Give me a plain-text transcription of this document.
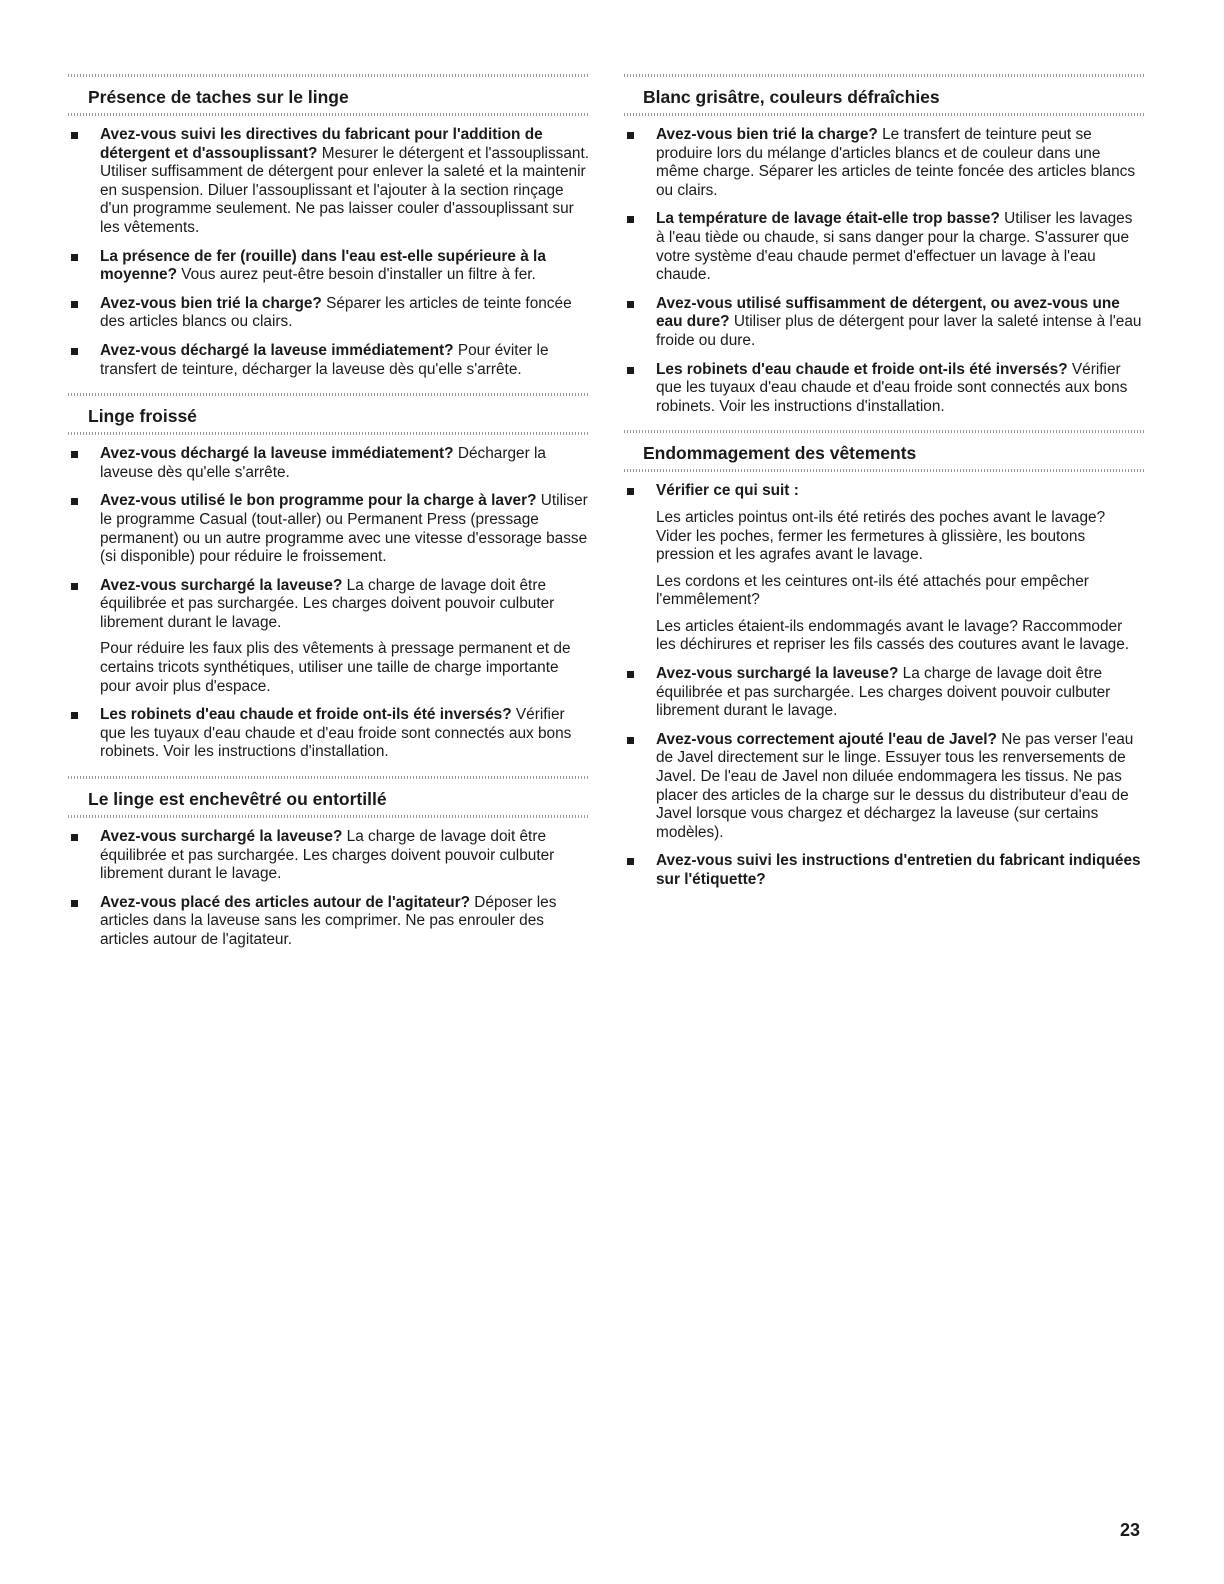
Présence de taches sur le linge
Avez-vous suivi les directives du fabricant pour l'addition de détergent et d'assouplissant? Mesurer le détergent et l'assouplissant. Utiliser suffisamment de détergent pour enlever la saleté et la maintenir en suspension. Diluer l'assouplissant et l'ajouter à la section rinçage d'un programme seulement. Ne pas laisser couler d'assouplissant sur les vêtements.
La présence de fer (rouille) dans l'eau est-elle supérieure à la moyenne? Vous aurez peut-être besoin d'installer un filtre à fer.
Avez-vous bien trié la charge? Séparer les articles de teinte foncée des articles blancs ou clairs.
Avez-vous déchargé la laveuse immédiatement? Pour éviter le transfert de teinture, décharger la laveuse dès qu'elle s'arrête.
Linge froissé
Avez-vous déchargé la laveuse immédiatement? Décharger la laveuse dès qu'elle s'arrête.
Avez-vous utilisé le bon programme pour la charge à laver? Utiliser le programme Casual (tout-aller) ou Permanent Press (pressage permanent) ou un autre programme avec une vitesse d'essorage basse (si disponible) pour réduire le froissement.
Avez-vous surchargé la laveuse? La charge de lavage doit être équilibrée et pas surchargée. Les charges doivent pouvoir culbuter librement durant le lavage.

Pour réduire les faux plis des vêtements à pressage permanent et de certains tricots synthétiques, utiliser une taille de charge importante pour avoir plus d'espace.

Les robinets d'eau chaude et froide ont-ils été inversés? Vérifier que les tuyaux d'eau chaude et d'eau froide sont connectés aux bons robinets. Voir les instructions d'installation.
Le linge est enchevêtré ou entortillé
Avez-vous surchargé la laveuse? La charge de lavage doit être équilibrée et pas surchargée. Les charges doivent pouvoir culbuter librement durant le lavage.
Avez-vous placé des articles autour de l'agitateur? Déposer les articles dans la laveuse sans les comprimer. Ne pas enrouler des articles autour de l'agitateur.
Blanc grisâtre, couleurs défraîchies
Avez-vous bien trié la charge? Le transfert de teinture peut se produire lors du mélange d'articles blancs et de couleur dans une même charge. Séparer les articles de teinte foncée des articles blancs ou clairs.
La température de lavage était-elle trop basse? Utiliser les lavages à l'eau tiède ou chaude, si sans danger pour la charge. S'assurer que votre système d'eau chaude permet d'effectuer un lavage à l'eau chaude.
Avez-vous utilisé suffisamment de détergent, ou avez-vous une eau dure? Utiliser plus de détergent pour laver la saleté intense à l'eau froide ou dure.
Les robinets d'eau chaude et froide ont-ils été inversés? Vérifier que les tuyaux d'eau chaude et d'eau froide sont connectés aux bons robinets. Voir les instructions d'installation.
Endommagement des vêtements
Vérifier ce qui suit :

Les articles pointus ont-ils été retirés des poches avant le lavage? Vider les poches, fermer les fermetures à glissière, les boutons pression et les agrafes avant le lavage.

Les cordons et les ceintures ont-ils été attachés pour empêcher l'emmêlement?

Les articles étaient-ils endommagés avant le lavage? Raccommoder les déchirures et repriser les fils cassés des coutures avant le lavage.

Avez-vous surchargé la laveuse? La charge de lavage doit être équilibrée et pas surchargée. Les charges doivent pouvoir culbuter librement durant le lavage.
Avez-vous correctement ajouté l'eau de Javel? Ne pas verser l'eau de Javel directement sur le linge. Essuyer tous les renversements de Javel. De l'eau de Javel non diluée endommagera les tissus. Ne pas placer des articles de la charge sur le dessus du distributeur d'eau de Javel lorsque vous chargez et déchargez la laveuse (sur certains modèles).
Avez-vous suivi les instructions d'entretien du fabricant indiquées sur l'étiquette?
23
